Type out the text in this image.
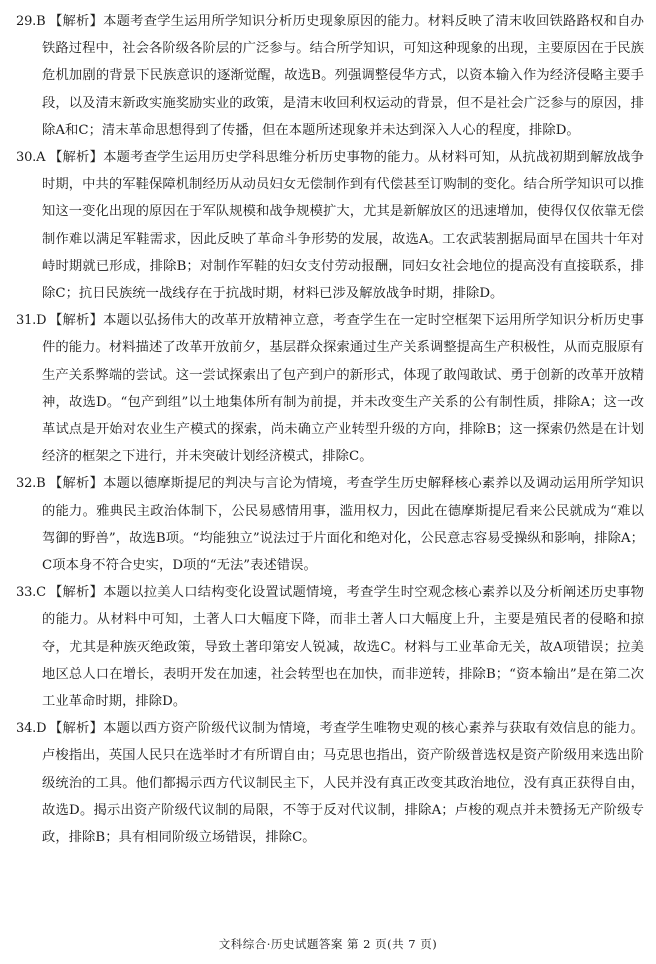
29.B 【解析】本题考查学生运用所学知识分析历史现象原因的能力。材料反映了清末收回铁路路权和自办铁路过程中，社会各阶级各阶层的广泛参与。结合所学知识，可知这种现象的出现，主要原因在于民族危机加剧的背景下民族意识的逐渐觉醒，故选B。列强调整侵华方式，以资本输入作为经济侵略主要手段，以及清末新政实施奖励实业的政策，是清末收回利权运动的背景，但不是社会广泛参与的原因，排除A和C；清末革命思想得到了传播，但在本题所述现象并未达到深入人心的程度，排除D。
30.A 【解析】本题考查学生运用历史学科思维分析历史事物的能力。从材料可知，从抗战初期到解放战争时期，中共的军鞋保障机制经历从动员妇女无偿制作到有代偿甚至订购制的变化。结合所学知识可以推知这一变化出现的原因在于军队规模和战争规模扩大，尤其是新解放区的迅速增加，使得仅仅依靠无偿制作难以满足军鞋需求，因此反映了革命斗争形势的发展，故选A。工农武装割据局面早在国共十年对峙时期就已形成，排除B；对制作军鞋的妇女支付劳动报酬，同妇女社会地位的提高没有直接联系，排除C；抗日民族统一战线存在于抗战时期，材料已涉及解放战争时期，排除D。
31.D 【解析】本题以弘扬伟大的改革开放精神立意，考查学生在一定时空框架下运用所学知识分析历史事件的能力。材料描述了改革开放前夕，基层群众探索通过生产关系调整提高生产积极性，从而克服原有生产关系弊端的尝试。这一尝试探索出了包产到户的新形式，体现了敢闯敢试、勇于创新的改革开放精神，故选D。“包产到组”以土地集体所有制为前提，并未改变生产关系的公有制性质，排除A；这一改革试点是开始对农业生产模式的探索，尚未确立产业转型升级的方向，排除B；这一探索仍然是在计划经济的框架之下进行，并未突破计划经济模式，排除C。
32.B 【解析】本题以德摩斯提尼的判决与言论为情境，考查学生历史解释核心素养以及调动运用所学知识的能力。雅典民主政治体制下，公民易感情用事，滥用权力，因此在德摩斯提尼看来公民就成为“难以驾御的野兽”，故选B项。“均能独立”说法过于片面化和绝对化，公民意志容易受操纵和影响，排除A；C项本身不符合史实，D项的“无法”表述错误。
33.C 【解析】本题以拉美人口结构变化设置试题情境，考查学生时空观念核心素养以及分析阐述历史事物的能力。从材料中可知，土著人口大幅度下降，而非土著人口大幅度上升，主要是殖民者的侵略和掠夺，尤其是种族灭绝政策，导致土著印第安人锐减，故选C。材料与工业革命无关，故A项错误；拉美地区总人口在增长，表明开发在加速，社会转型也在加快，而非逆转，排除B；“资本输出”是在第二次工业革命时期，排除D。
34.D 【解析】本题以西方资产阶级代议制为情境，考查学生唯物史观的核心素养与获取有效信息的能力。卢梭指出，英国人民只在选举时才有所谓自由；马克思也指出，资产阶级普选权是资产阶级用来选出阶级统治的工具。他们都揭示西方代议制民主下，人民并没有真正改变其政治地位，没有真正获得自由，故选D。揭示出资产阶级代议制的局限，不等于反对代议制，排除A；卢梭的观点并未赞扬无产阶级专政，排除B；具有相同阶级立场错误，排除C。
文科综合·历史试题答案 第 2 页(共 7 页)
